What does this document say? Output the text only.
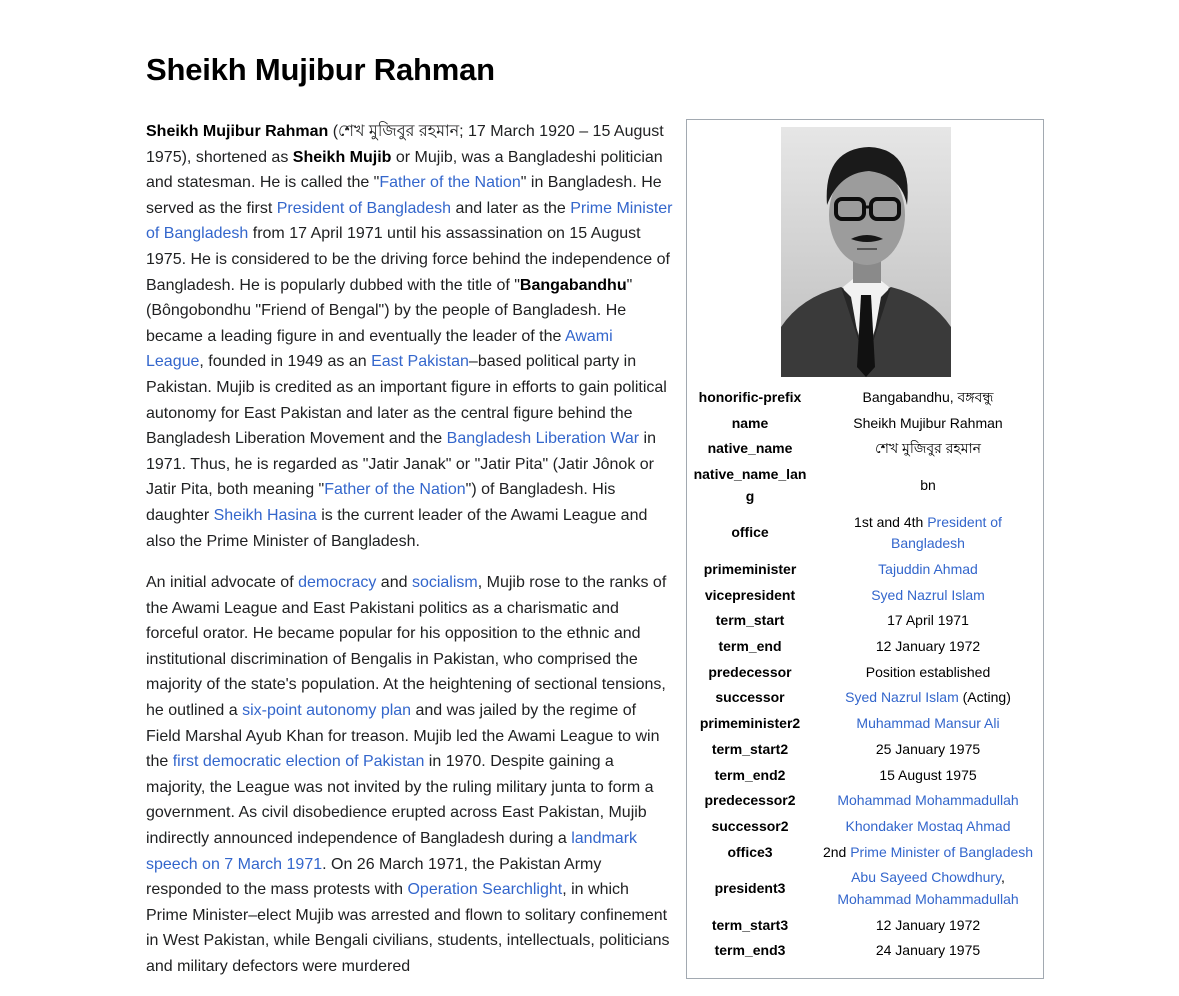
Sheikh Mujibur Rahman

Sheikh Mujibur Rahman (শেখ মুজিবুর রহমান; 17 March 1920 – 15 August 1975), shortened as Sheikh Mujib or Mujib, was a Bangladeshi politician and statesman. He is called the "Father of the Nation" in Bangladesh. He served as the first President of Bangladesh and later as the Prime Minister of Bangladesh from 17 April 1971 until his assassination on 15 August 1975. He is considered to be the driving force behind the independence of Bangladesh. He is popularly dubbed with the title of "Bangabandhu" (Bôngobondhu "Friend of Bengal") by the people of Bangladesh. He became a leading figure in and eventually the leader of the Awami League, founded in 1949 as an East Pakistan–based political party in Pakistan. Mujib is credited as an important figure in efforts to gain political autonomy for East Pakistan and later as the central figure behind the Bangladesh Liberation Movement and the Bangladesh Liberation War in 1971. Thus, he is regarded as "Jatir Janak" or "Jatir Pita" (Jatir Jônok or Jatir Pita, both meaning "Father of the Nation") of Bangladesh. His daughter Sheikh Hasina is the current leader of the Awami League and also the Prime Minister of Bangladesh.

An initial advocate of democracy and socialism, Mujib rose to the ranks of the Awami League and East Pakistani politics as a charismatic and forceful orator. He became popular for his opposition to the ethnic and institutional discrimination of Bengalis in Pakistan, who comprised the majority of the state's population. At the heightening of sectional tensions, he outlined a six-point autonomy plan and was jailed by the regime of Field Marshal Ayub Khan for treason. Mujib led the Awami League to win the first democratic election of Pakistan in 1970. Despite gaining a majority, the League was not invited by the ruling military junta to form a government. As civil disobedience erupted across East Pakistan, Mujib indirectly announced independence of Bangladesh during a landmark speech on 7 March 1971. On 26 March 1971, the Pakistan Army responded to the mass protests with Operation Searchlight, in which Prime Minister–elect Mujib was arrested and flown to solitary confinement in West Pakistan, while Bengali civilians, students, intellectuals, politicians and military defectors were murdered

honorific-prefix	Bangabandhu, বঙ্গবন্ধু
name	Sheikh Mujibur Rahman
native_name	শেখ মুজিবুর রহমান
native_name_lang	bn
office	1st and 4th President of Bangladesh
primeminister	Tajuddin Ahmad
vicepresident	Syed Nazrul Islam
term_start	17 April 1971
term_end	12 January 1972
predecessor	Position established
successor	Syed Nazrul Islam (Acting)
primeminister2	Muhammad Mansur Ali
term_start2	25 January 1975
term_end2	15 August 1975
predecessor2	Mohammad Mohammadullah
successor2	Khondaker Mostaq Ahmad
office3	2nd Prime Minister of Bangladesh
president3	Abu Sayeed Chowdhury,
Mohammad Mohammadullah
term_start3	12 January 1972
term_end3	24 January 1975
